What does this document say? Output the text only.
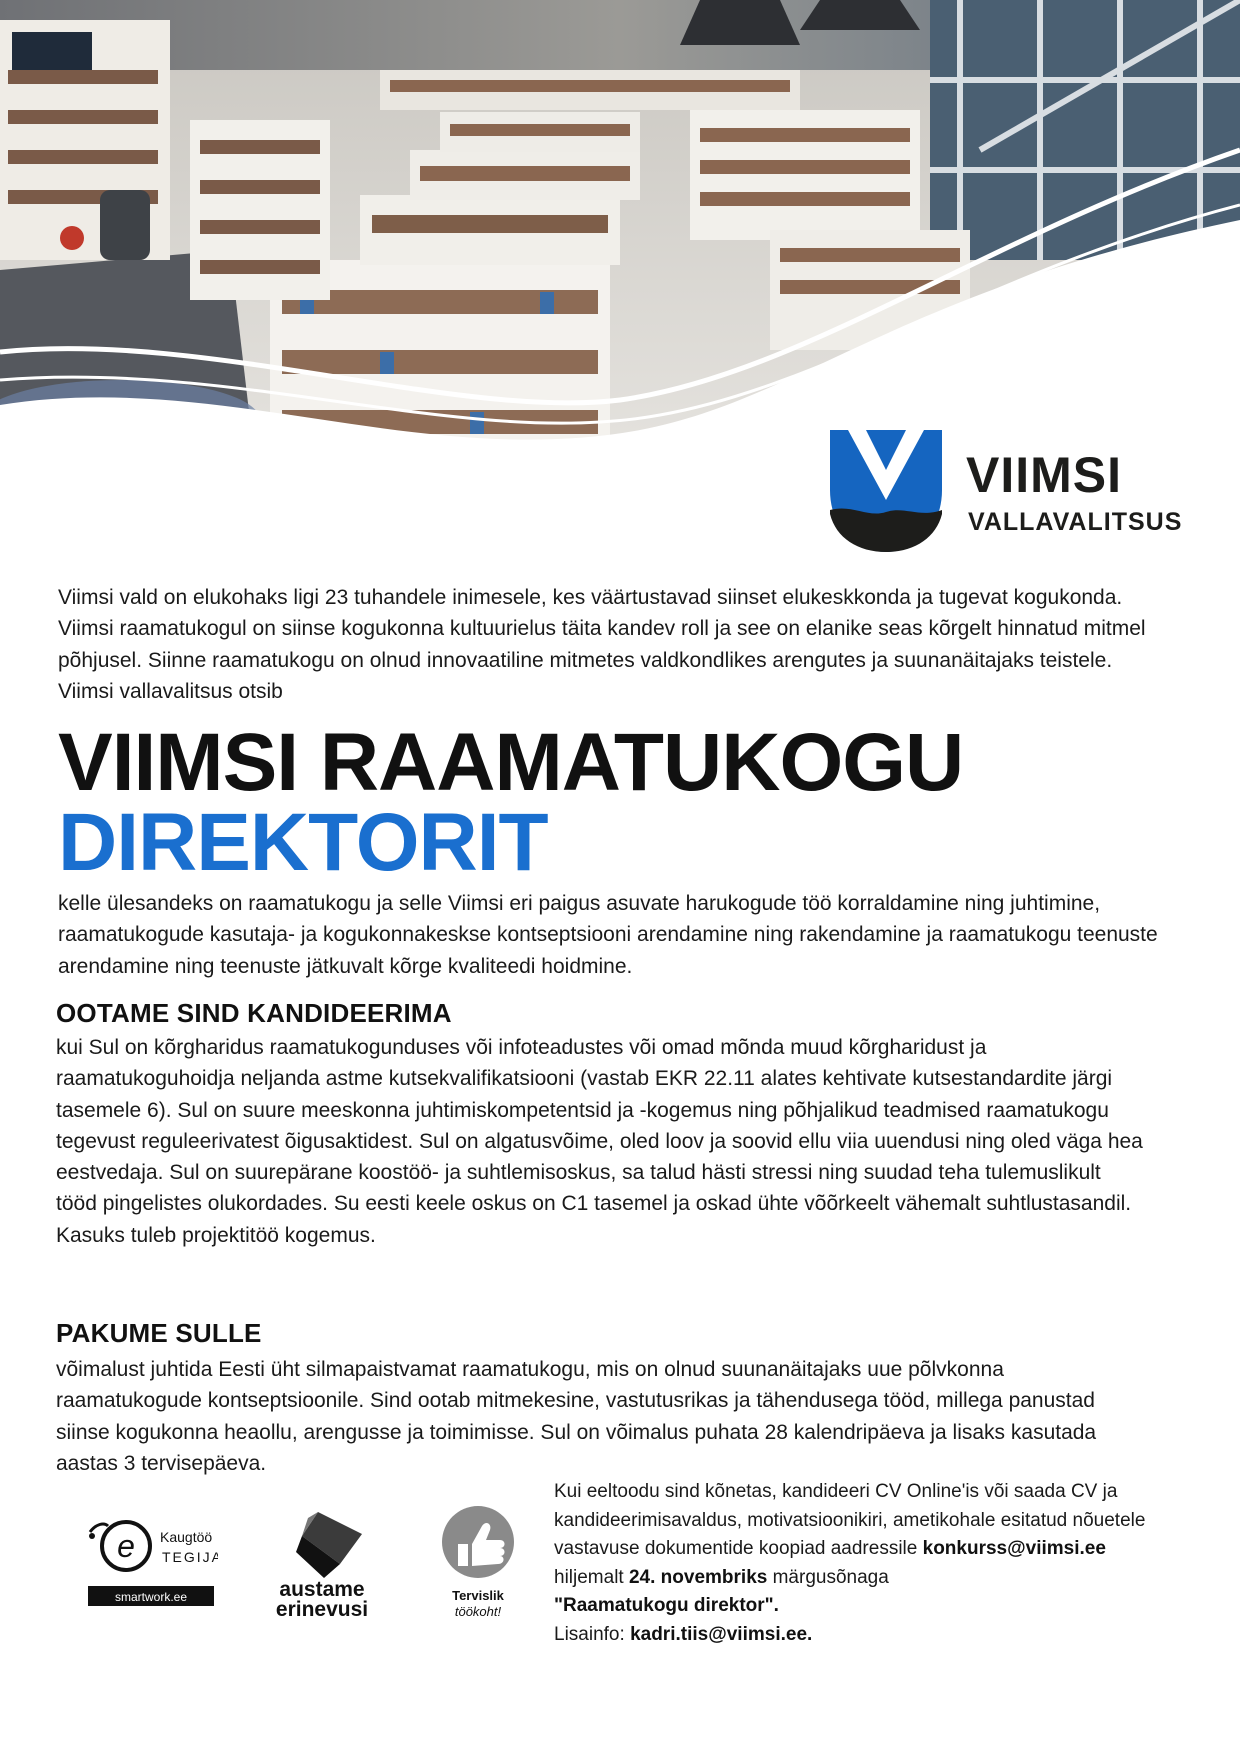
VIIMSI
VALLAVALITSUS

Viimsi vald on elukohaks ligi 23 tuhandele inimesele, kes väärtustavad siinset elukeskkonda ja tugevat kogukonda. Viimsi raamatukogul on siinse kogukonna kultuurielus täita kandev roll ja see on elanike seas kõrgelt hinnatud mitmel põhjusel. Siinne raamatukogu on olnud innovaatiline mitmetes valdkondlikes arengutes ja suunanäitajaks teistele. Viimsi vallavalitsus otsib

VIIMSI RAAMATUKOGU
DIREKTORIT

kelle ülesandeks on raamatukogu ja selle Viimsi eri paigus asuvate harukogude töö korraldamine ning juhtimine, raamatukogude kasutaja- ja kogukonnakeskse kontseptsiooni arendamine ning rakendamine ja raamatukogu teenuste arendamine ning teenuste jätkuvalt kõrge kvaliteedi hoidmine.

OOTAME SIND KANDIDEERIMA

kui Sul on kõrgharidus raamatukogunduses või infoteadustes või omad mõnda muud kõrgharidust ja raamatukoguhoidja neljanda astme kutsekvalifikatsiooni (vastab EKR 22.11 alates kehtivate kutsestandardite järgi tasemele 6). Sul on suure meeskonna juhtimiskompetentsid ja -kogemus ning põhjalikud teadmised raamatukogu tegevust reguleerivatest õigusaktidest. Sul on algatusvõime, oled loov ja soovid ellu viia uuendusi ning oled väga hea eestvedaja. Sul on suurepärane koostöö- ja suhtlemisoskus, sa talud hästi stressi ning suudad teha tulemuslikult tööd pingelistes olukordades. Su eesti keele oskus on C1 tasemel ja oskad ühte võõrkeelt vähemalt suhtlustasandil. Kasuks tuleb projektitöö kogemus.

PAKUME SULLE

võimalust juhtida Eesti üht silmapaistvamat raamatukogu, mis on olnud suunanäitajaks uue põlvkonna raamatukogude kontseptsioonile. Sind ootab mitmekesine, vastutusrikas ja tähendusega tööd, millega panustad siinse kogukonna heaollu, arengusse ja toimimisse. Sul on võimalus puhata 28 kalendripäeva ja lisaks kasutada aastas 3 tervisepäeva.

Kui eeltoodu sind kõnetas, kandideeri CV Online'is või saada CV ja kandideerimisavaldus, motivatsioonikiri, ametikohale esitatud nõuetele vastavuse dokumentide koopiad aadressile konkurss@viimsi.ee hiljemalt 24. novembriks märgusõnaga
"Raamatukogu direktor".
Lisainfo: kadri.tiis@viimsi.ee.

e Kaugtöö
TEGIJA
smartwork.ee	austame
erinevusi
Tervislik
töökoht!
